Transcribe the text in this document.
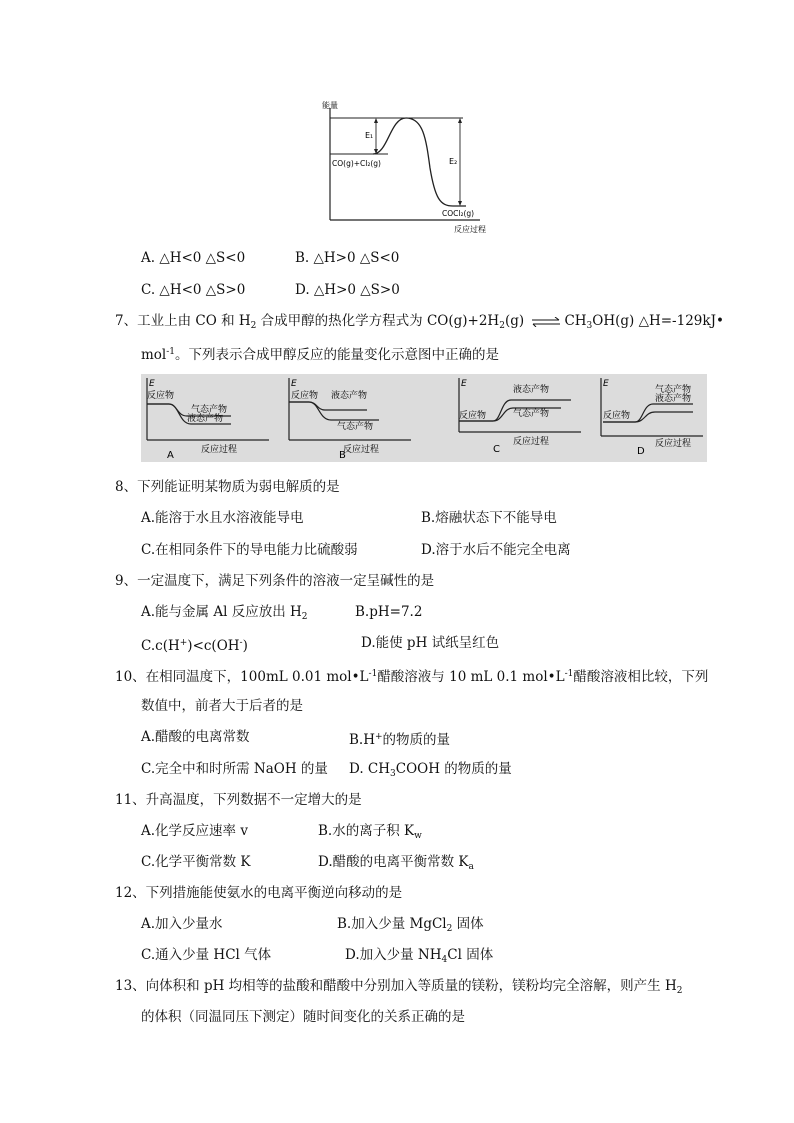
能量
反应过程
E₁
E₂
CO(g)+Cl₂(g)
COCl₂(g)
A. △H<0 △S<0	B. △H>0 △S<0
C. △H<0 △S>0	D. △H>0 △S>0
7、工业上由 CO 和 $H_2$ 合成甲醇的热化学方程式为 $CO(g)+2H_2(g)$ ⇌ $CH_3OH(g)$ △H=-129kJ•
mol$^{-1}$。下列表示合成甲醇反应的能量变化示意图中正确的是
E
反应物
气态产物
液态产物
反应过程
A
E
反应物 液态产物
气态产物
反应过程
B
E
反应物
液态产物
气态产物
反应过程
C
E
反应物
气态产物
液态产物
反应过程
D
8、下列能证明某物质为弱电解质的是
A.能溶于水且水溶液能导电	B.熔融状态下不能导电
C.在相同条件下的导电能力比硫酸弱	D.溶于水后不能完全电离
9、一定温度下，满足下列条件的溶液一定呈碱性的是
A.能与金属 Al 反应放出 $H_2$	B.pH=7.2
C.c(H+)<c(OH-)	D.能使 pH 试纸呈红色
10、在相同温度下，100mL 0.01 $mol•L^{-1}$醋酸溶液与 10 mL 0.1 $mol•L^{-1}$醋酸溶液相比较，下列
数值中，前者大于后者的是
A.醋酸的电离常数	B.H+的物质的量
C.完全中和时所需 NaOH 的量 D. $CH_3COOH$ 的物质的量
11、升高温度，下列数据不一定增大的是
A.化学反应速率 v	B.水的离子积 $K_w$
C.化学平衡常数 K	D.醋酸的电离平衡常数 $K_a$
12、下列措施能使氨水的电离平衡逆向移动的是
A.加入少量水	B.加入少量 MgCl$_2$ 固体
C.通入少量 HCl 气体	D.加入少量 $NH_4Cl$ 固体
13、向体积和 pH 均相等的盐酸和醋酸中分别加入等质量的镁粉，镁粉均完全溶解，则产生 $H_2$
的体积（同温同压下测定）随时间变化的关系正确的是
